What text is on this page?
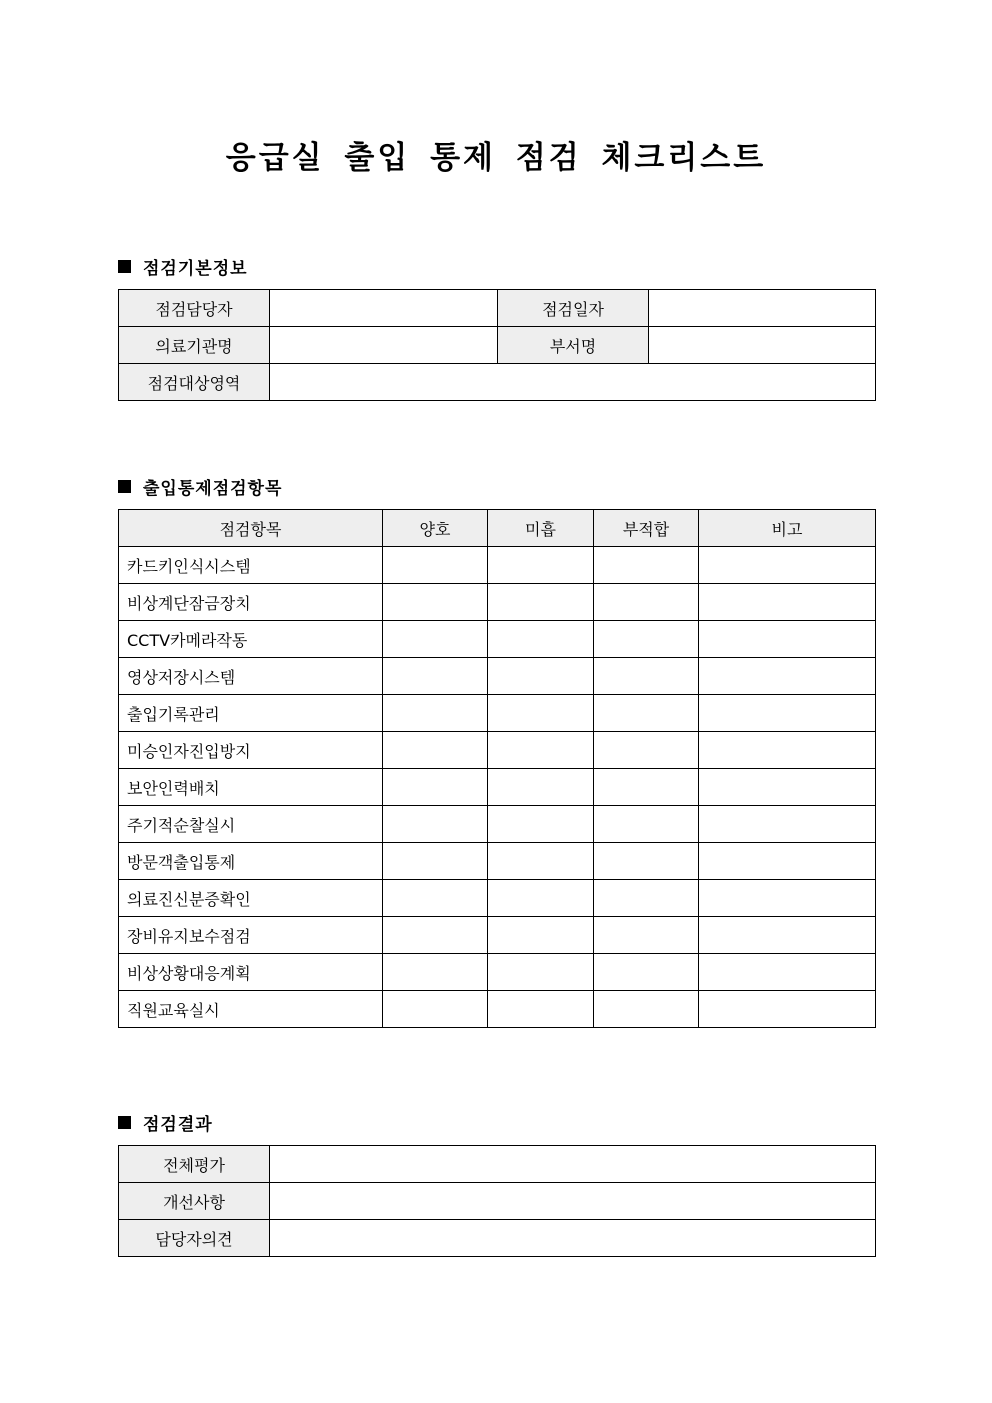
응급실 출입 통제 점검 체크리스트
점검기본정보
점검담당자		점검일자	
의료기관명		부서명	
점검대상영역			
출입통제점검항목
점검항목	양호	미흡	부적합	비고
카드키인식시스템				
비상계단잠금장치				
CCTV카메라작동				
영상저장시스템				
출입기록관리				
미승인자진입방지				
보안인력배치				
주기적순찰실시				
방문객출입통제				
의료진신분증확인				
장비유지보수점검				
비상상황대응계획				
직원교육실시				
점검결과
전체평가	
개선사항	
담당자의견	
